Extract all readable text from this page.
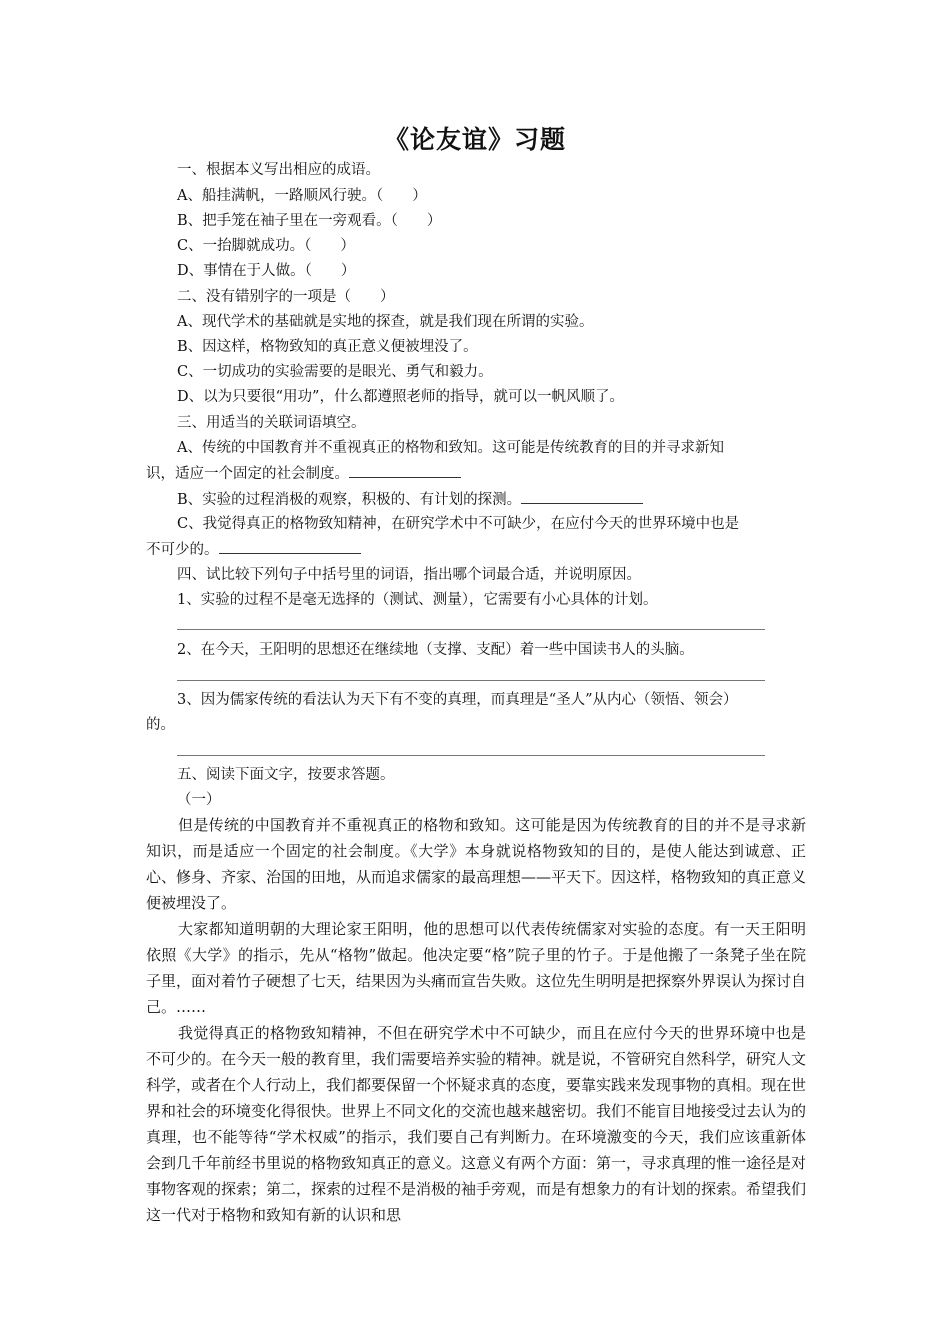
《论友谊》习题
一、根据本义写出相应的成语。
A、船挂满帆，一路顺风行驶。（　　）
B、把手笼在袖子里在一旁观看。（　　）
C、一抬脚就成功。（　　）
D、事情在于人做。（　　）
二、没有错别字的一项是（　　）
A、现代学术的基础就是实地的探查，就是我们现在所谓的实验。
B、因这样，格物致知的真正意义便被埋没了。
C、一切成功的实验需要的是眼光、勇气和毅力。
D、以为只要很“用功”，什么都遵照老师的指导，就可以一帆风顺了。
三、用适当的关联词语填空。
A、传统的中国教育并不重视真正的格物和致知。这可能是传统教育的目的并寻求新知
识，适应一个固定的社会制度。
B、实验的过程消极的观察，积极的、有计划的探测。
C、我觉得真正的格物致知精神，在研究学术中不可缺少，在应付今天的世界环境中也是
不可少的。
四、试比较下列句子中括号里的词语，指出哪个词最合适，并说明原因。
1、实验的过程不是毫无选择的（测试、测量），它需要有小心具体的计划。
2、在今天，王阳明的思想还在继续地（支撑、支配）着一些中国读书人的头脑。
3、因为儒家传统的看法认为天下有不变的真理，而真理是“圣人”从内心（领悟、领会）
的。
五、阅读下面文字，按要求答题。
（一）

但是传统的中国教育并不重视真正的格物和致知。这可能是因为传统教育的目的并不是寻求新知识，而是适应一个固定的社会制度。《大学》本身就说格物致知的目的，是使人能达到诚意、正心、修身、齐家、治国的田地，从而追求儒家的最高理想——平天下。因这样，格物致知的真正意义便被埋没了。

大家都知道明朝的大理论家王阳明，他的思想可以代表传统儒家对实验的态度。有一天王阳明依照《大学》的指示，先从“格物”做起。他决定要“格”院子里的竹子。于是他搬了一条凳子坐在院子里，面对着竹子硬想了七天，结果因为头痛而宣告失败。这位先生明明是把探察外界误认为探讨自己。……

我觉得真正的格物致知精神，不但在研究学术中不可缺少，而且在应付今天的世界环境中也是不可少的。在今天一般的教育里，我们需要培养实验的精神。就是说，不管研究自然科学，研究人文科学，或者在个人行动上，我们都要保留一个怀疑求真的态度，要靠实践来发现事物的真相。现在世界和社会的环境变化得很快。世界上不同文化的交流也越来越密切。我们不能盲目地接受过去认为的真理，也不能等待“学术权威”的指示，我们要自己有判断力。在环境激变的今天，我们应该重新体会到几千年前经书里说的格物致知真正的意义。这意义有两个方面：第一，寻求真理的惟一途径是对事物客观的探索；第二，探索的过程不是消极的袖手旁观，而是有想象力的有计划的探索。希望我们这一代对于格物和致知有新的认识和思
